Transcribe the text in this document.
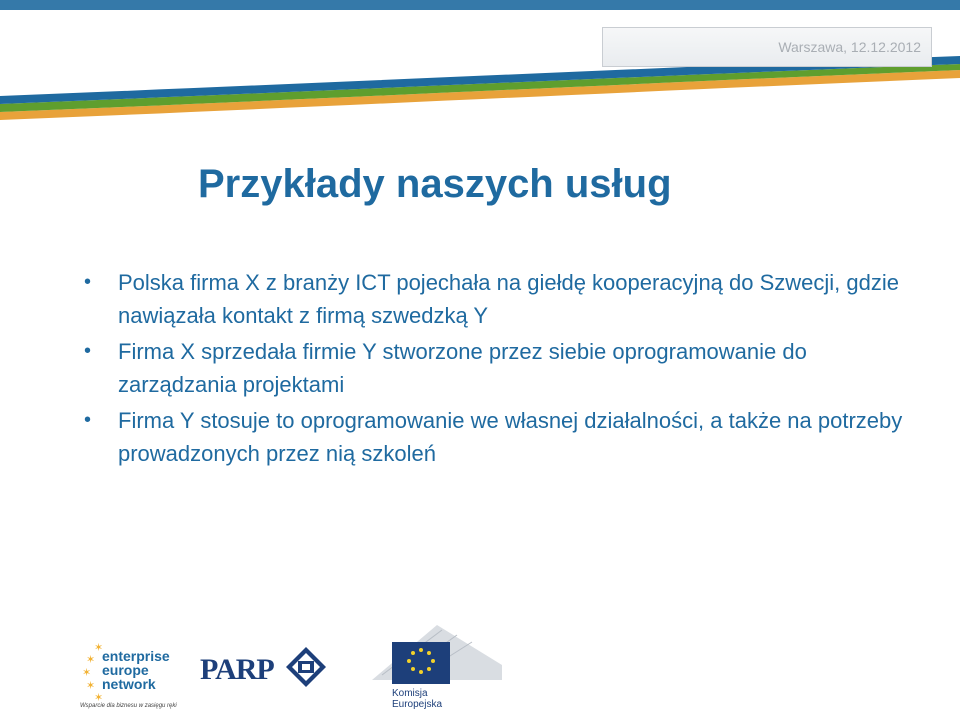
Warszawa, 12.12.2012
Przykłady naszych usług
• Polska firma X z branży ICT pojechała na giełdę kooperacyjną do Szwecji, gdzie nawiązała kontakt z firmą szwedzką Y
• Firma X sprzedała firmie Y stworzone przez siebie oprogramowanie do zarządzania projektami
• Firma Y stosuje to oprogramowanie we własnej działalności, a także na potrzeby prowadzonych przez nią szkoleń
✶
✶
✶
✶
✶
enterprise
europe
network
Wsparcie dla biznesu w zasięgu ręki
PARP
Komisja
Europejska
